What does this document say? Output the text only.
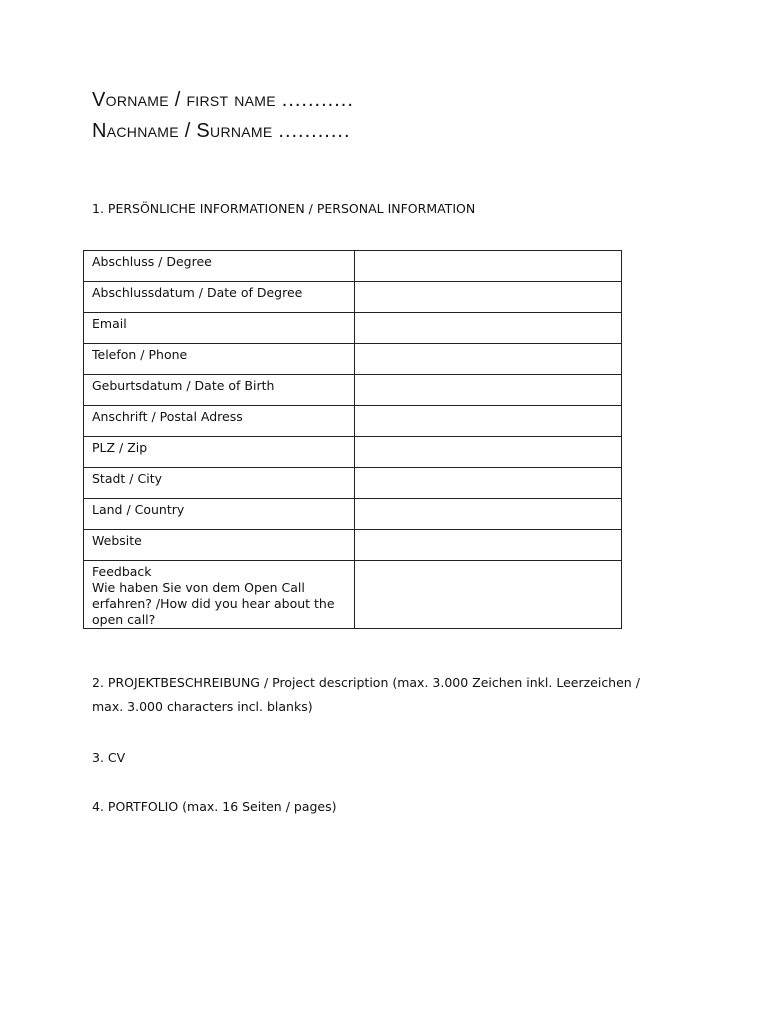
Vorname / first name ...........
Nachname / Surname ...........
1. PERSÖNLICHE INFORMATIONEN / PERSONAL INFORMATION
Abschluss / Degree	
Abschlussdatum / Date of Degree	
Email	
Telefon / Phone	
Geburtsdatum / Date of Birth	
Anschrift / Postal Adress	
PLZ / Zip	
Stadt / City	
Land / Country	
Website	

Feedback
Wie haben Sie von dem Open Call
erfahren? /How did you hear about the
open call?	

2. PROJEKTBESCHREIBUNG / Project description (max. 3.000 Zeichen inkl. Leerzeichen /
max. 3.000 characters incl. blanks)
3. CV
4. PORTFOLIO (max. 16 Seiten / pages)
